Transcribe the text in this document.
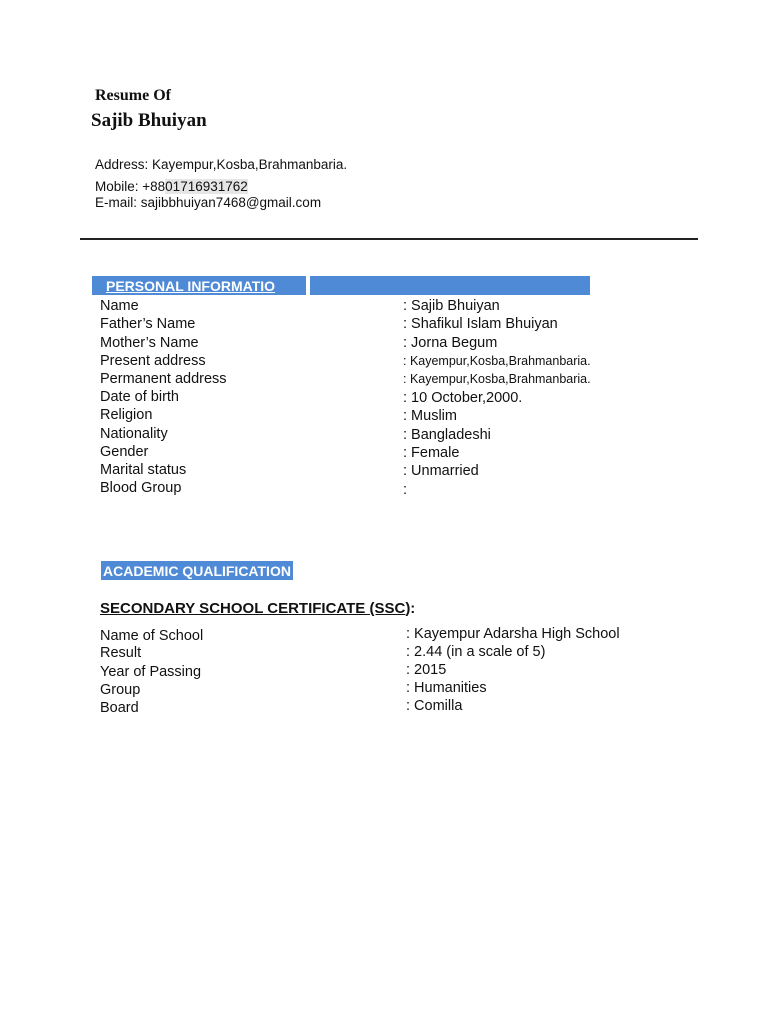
Resume Of
Sajib Bhuiyan
Address: Kayempur,Kosba,Brahmanbaria.
Mobile: +8801716931762
E-mail: sajibbhuiyan7468@gmail.com
PERSONAL INFORMATIO
Name	: Sajib Bhuiyan
Father’s Name	: Shafikul Islam Bhuiyan
Mother’s Name	: Jorna Begum
Present address	: Kayempur,Kosba,Brahmanbaria.
Permanent address	: Kayempur,Kosba,Brahmanbaria.
Date of birth	: 10 October,2000.
Religion	: Muslim
Nationality	: Bangladeshi
Gender	: Female
Marital status	: Unmarried
Blood Group	:
ACADEMIC QUALIFICATION
SECONDARY SCHOOL CERTIFICATE (SSC):
Name of School	: Kayempur Adarsha High School
Result	: 2.44 (in a scale of 5)
Year of Passing	: 2015
Group	: Humanities
Board	: Comilla
